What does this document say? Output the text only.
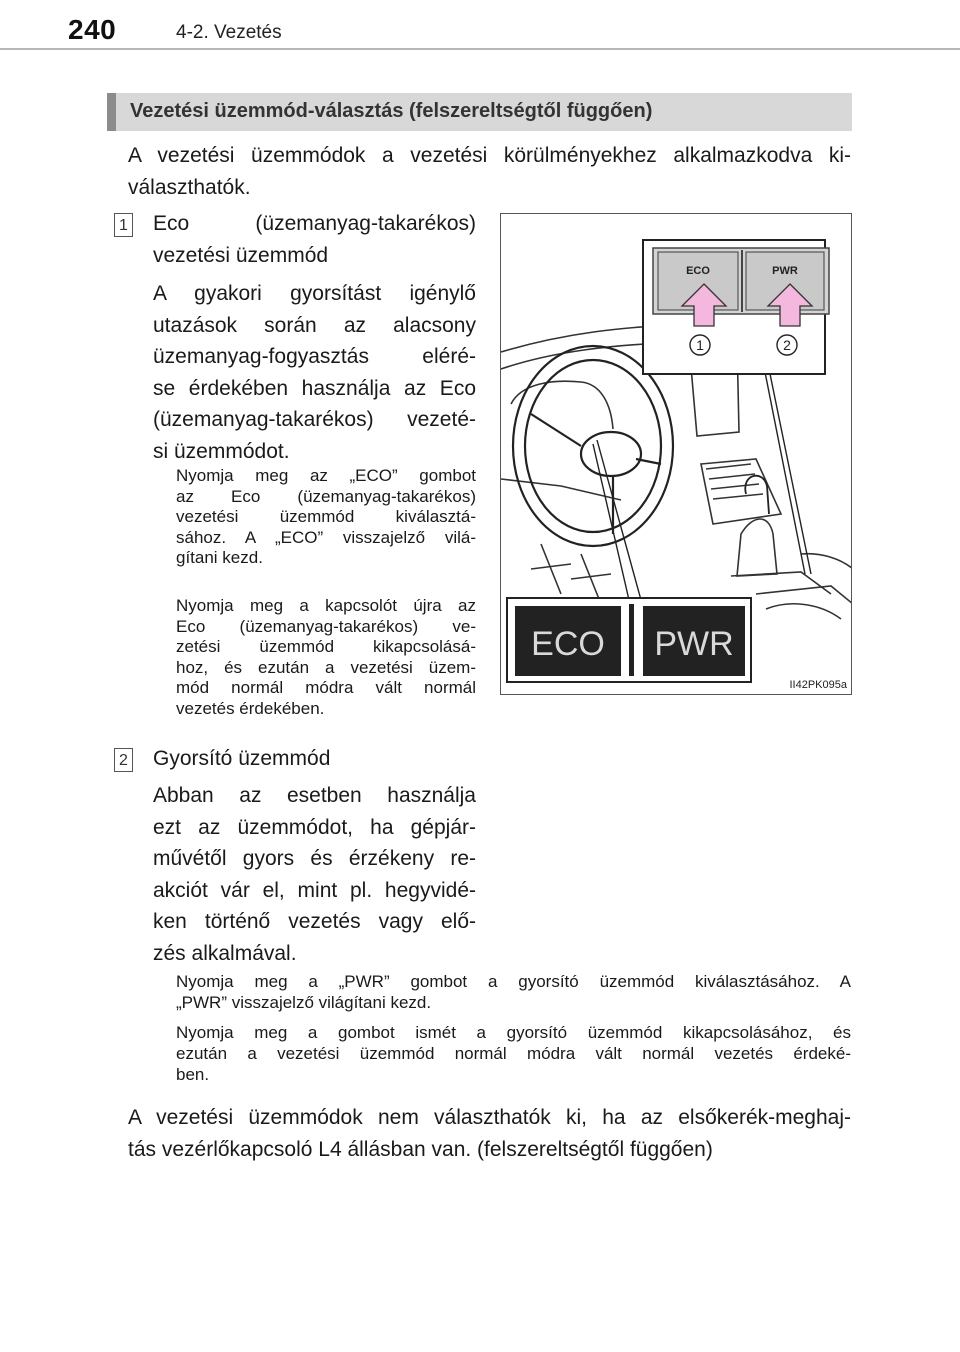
240	4-2. Vezetés
Vezetési üzemmód-választás (felszereltségtől függően)
A vezetési üzemmódok a vezetési körülményekhez alkalmazkodva ki-választhatók.
1 Eco (üzemanyag-takarékos)
vezetési üzemmód
A gyakori gyorsítást igénylő
utazások során az alacsony
üzemanyag-fogyasztás eléré-
se érdekében használja az Eco
(üzemanyag-takarékos) vezeté-
si üzemmódot.
Nyomja meg az „ECO” gombot
az Eco (üzemanyag-takarékos)
vezetési üzemmód kiválasztá-
sához. A „ECO” visszajelző vilá-
gítani kezd.
Nyomja meg a kapcsolót újra az
Eco (üzemanyag-takarékos) ve-
zetési üzemmód kikapcsolásá-
hoz, és ezután a vezetési üzem-
mód normál módra vált normál
vezetés érdekében.
2 Gyorsító üzemmód
Abban az esetben használja
ezt az üzemmódot, ha gépjár-
művétől gyors és érzékeny re-
akciót vár el, mint pl. hegyvidé-
ken történő vezetés vagy elő-
zés alkalmával.
Nyomja meg a „PWR” gombot a gyorsító üzemmód kiválasztásához. A
„PWR” visszajelző világítani kezd.
Nyomja meg a gombot ismét a gyorsító üzemmód kikapcsolásához, és
ezután a vezetési üzemmód normál módra vált normál vezetés érdeké-
ben.
A vezetési üzemmódok nem választhatók ki, ha az elsőkerék-meghaj-
tás vezérlőkapcsoló L4 állásban van. (felszereltségtől függően)
ECO	PWR
1	2
ECO PWR
II42PK095a
